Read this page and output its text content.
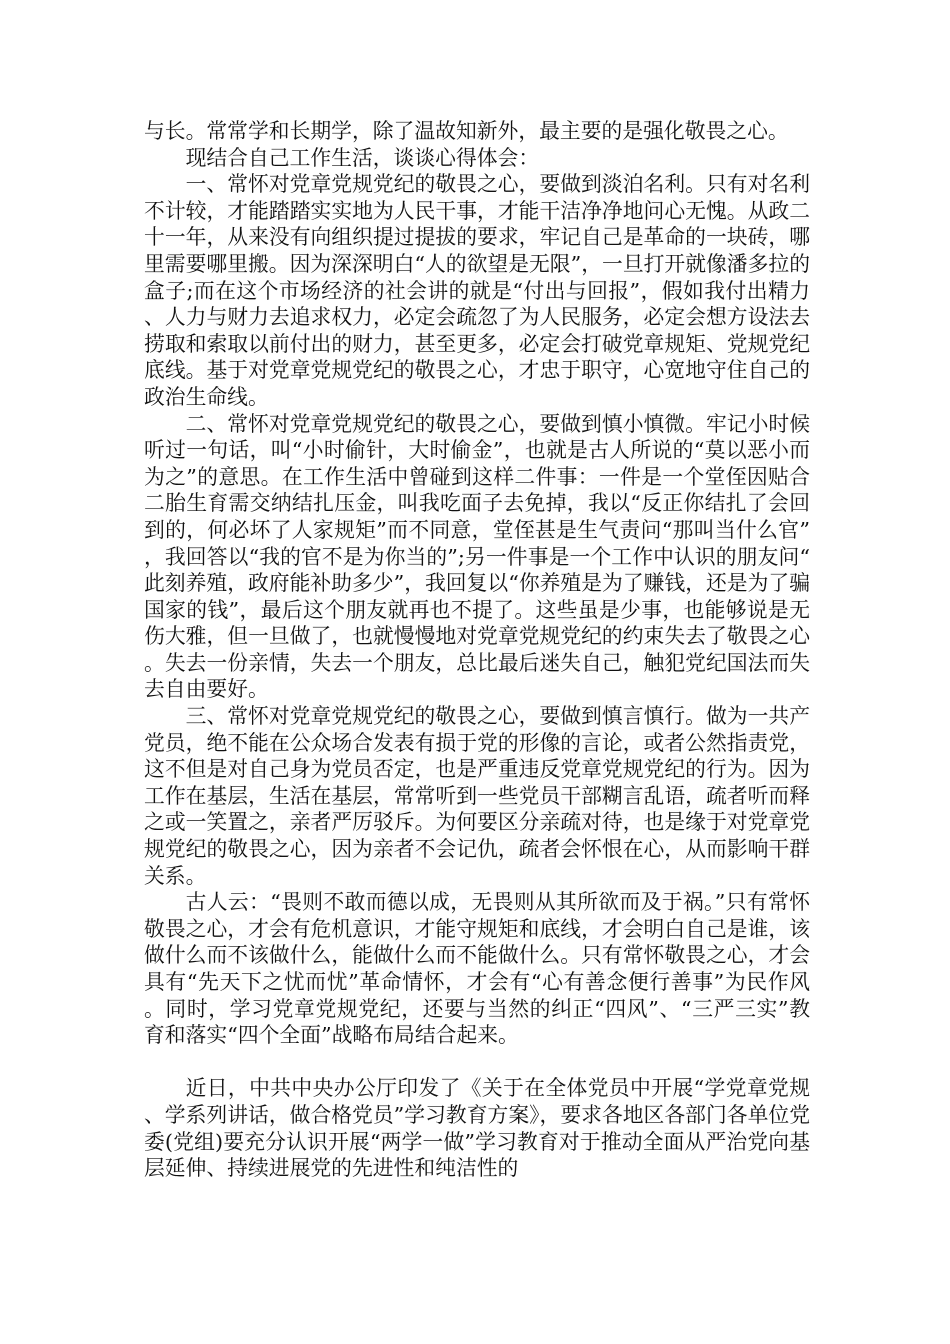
与长。常常学和长期学，除了温故知新外，最主要的是强化敬畏之心。

现结合自己工作生活，谈谈心得体会：

一、常怀对党章党规党纪的敬畏之心，要做到淡泊名利。只有对名利不计较，才能踏踏实实地为人民干事，才能干洁净净地问心无愧。从政二十一年，从来没有向组织提过提拔的要求，牢记自己是革命的一块砖，哪里需要哪里搬。因为深深明白“人的欲望是无限”，一旦打开就像潘多拉的盒子;而在这个市场经济的社会讲的就是“付出与回报”，假如我付出精力、人力与财力去追求权力，必定会疏忽了为人民服务，必定会想方设法去捞取和索取以前付出的财力，甚至更多，必定会打破党章规矩、党规党纪底线。基于对党章党规党纪的敬畏之心，才忠于职守，心宽地守住自己的政治生命线。

二、常怀对党章党规党纪的敬畏之心，要做到慎小慎微。牢记小时候听过一句话，叫“小时偷针，大时偷金”，也就是古人所说的“莫以恶小而为之”的意思。在工作生活中曾碰到这样二件事：一件是一个堂侄因贴合二胎生育需交纳结扎压金，叫我吃面子去免掉，我以“反正你结扎了会回到的，何必坏了人家规矩”而不同意，堂侄甚是生气责问“那叫当什么官”，我回答以“我的官不是为你当的”;另一件事是一个工作中认识的朋友问“此刻养殖，政府能补助多少”，我回复以“你养殖是为了赚钱，还是为了骗国家的钱”，最后这个朋友就再也不提了。这些虽是少事，也能够说是无伤大雅，但一旦做了，也就慢慢地对党章党规党纪的约束失去了敬畏之心。失去一份亲情，失去一个朋友，总比最后迷失自己，触犯党纪国法而失去自由要好。

三、常怀对党章党规党纪的敬畏之心，要做到慎言慎行。做为一共产党员，绝不能在公众场合发表有损于党的形像的言论，或者公然指责党，这不但是对自己身为党员否定，也是严重违反党章党规党纪的行为。因为工作在基层，生活在基层，常常听到一些党员干部糊言乱语，疏者听而释之或一笑置之，亲者严厉驳斥。为何要区分亲疏对待，也是缘于对党章党规党纪的敬畏之心，因为亲者不会记仇，疏者会怀恨在心，从而影响干群关系。

古人云：“畏则不敢而德以成，无畏则从其所欲而及于祸。”只有常怀敬畏之心，才会有危机意识，才能守规矩和底线，才会明白自己是谁，该做什么而不该做什么，能做什么而不能做什么。只有常怀敬畏之心，才会具有“先天下之忧而忧”革命情怀，才会有“心有善念便行善事”为民作风。同时，学习党章党规党纪，还要与当然的纠正“四风”、“三严三实”教育和落实“四个全面”战略布局结合起来。

近日，中共中央办公厅印发了《关于在全体党员中开展“学党章党规、学系列讲话，做合格党员”学习教育方案》，要求各地区各部门各单位党委(党组)要充分认识开展“两学一做”学习教育对于推动全面从严治党向基层延伸、持续进展党的先进性和纯洁性的
